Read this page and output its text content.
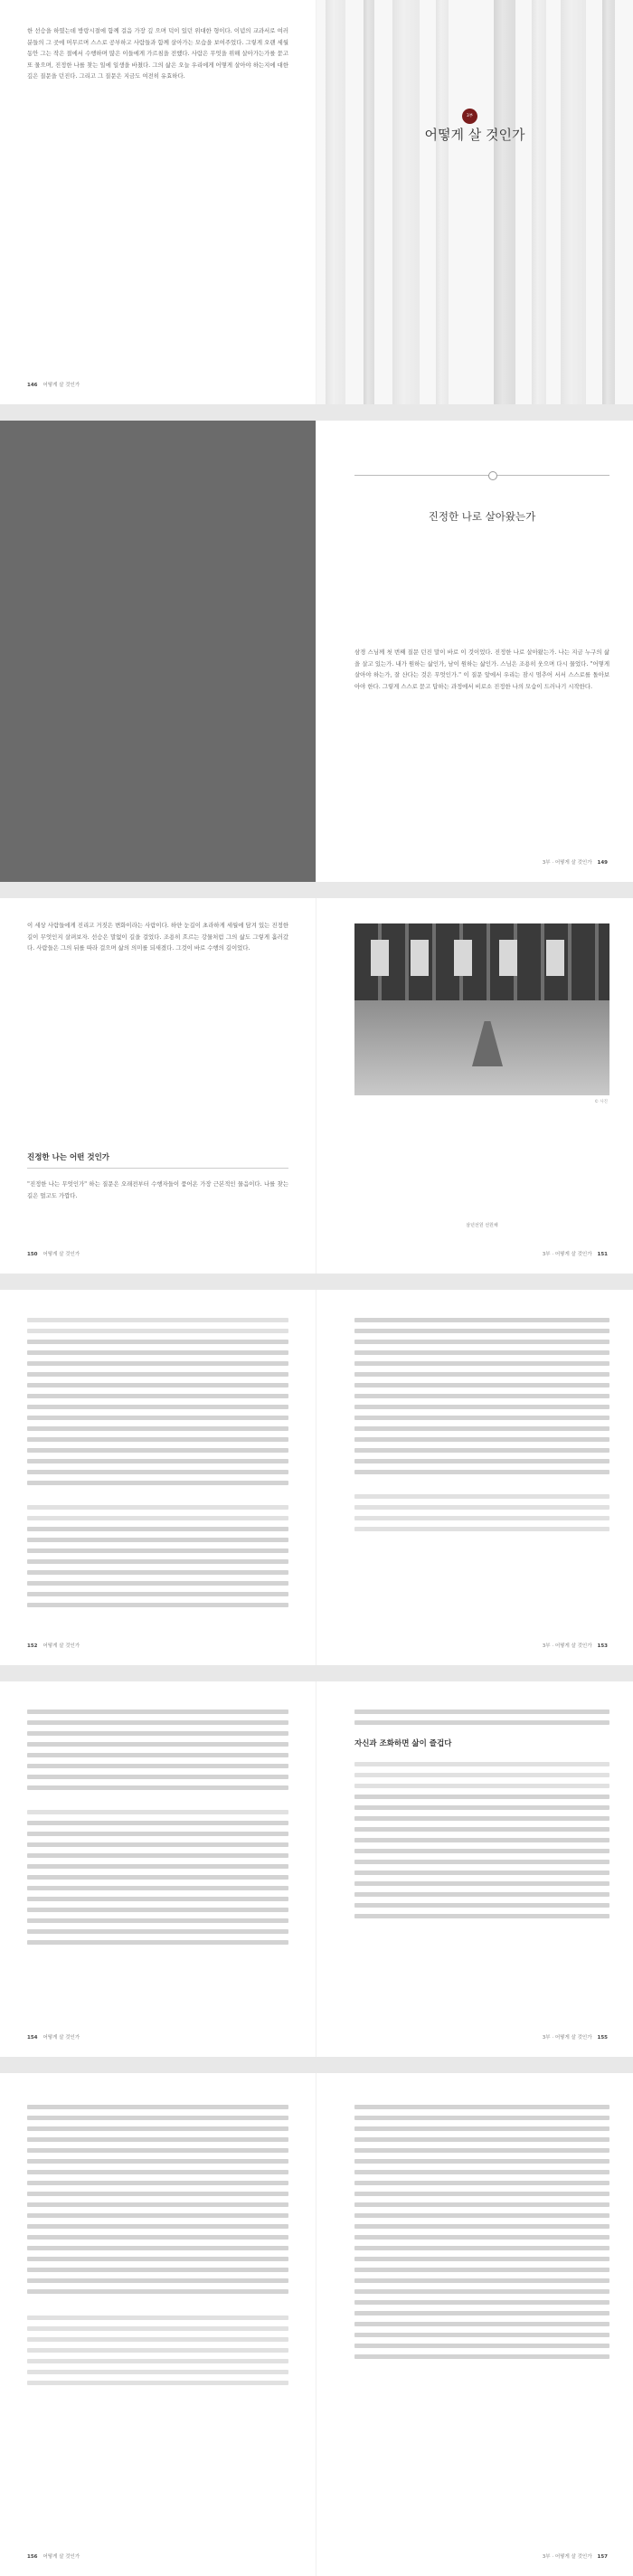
한 선승을 하였는데 방랑시절에 함께 걸음 가장 깊 으며 덕이 있던 위대한 형이다. 이념의 교과서로 여러 분들의 그 곳에 머무르며 스스로 공부하고 사람들과 함께 살아가는 모습을 보여주었다. 그렇게 오랜 세월 동안 그는 작은 절에서 수행하며 많은 이들에게 가르침을 전했다. 사람은 무엇을 위해 살아가는가를 묻고 또 물으며, 진정한 나를 찾는 일에 일생을 바쳤다. 그의 삶은 오늘 우리에게 어떻게 살아야 하는지에 대한 깊은 질문을 던진다. 그리고 그 질문은 지금도 여전히 유효하다.
146 어떻게 살 것인가
3부
어떻게 살 것인가
진정한 나로 살아왔는가
삼경 스님께 첫 번째 질문 던진 말이 바로 이 것이었다. 진정한 나로 살아왔는가. 나는 지금 누구의 삶을 살고 있는가. 내가 원하는 삶인가, 남이 원하는 삶인가. 스님은 조용히 웃으며 다시 물었다. "어떻게 살아야 하는가, 잘 산다는 것은 무엇인가." 이 질문 앞에서 우리는 잠시 멈추어 서서 스스로를 돌아보아야 한다. 그렇게 스스로 묻고 답하는 과정에서 비로소 진정한 나의 모습이 드러나기 시작한다.
3부 · 어떻게 살 것인가 149
이 세상 사람들에게 진리고 거짓은 변화이라는 사람이다. 하얀 눈길이 초라하게 세월에 담겨 있는 진정한 길이 무엇인지 살펴보자. 선승은 말없이 길을 걸었다. 조용히 흐르는 강물처럼 그의 삶도 그렇게 흘러갔다. 사람들은 그의 뒤를 따라 걸으며 삶의 의미를 되새겼다. 그것이 바로 수행의 길이었다.
진정한 나는 어떤 것인가
"진정한 나는 무엇인가" 하는 질문은 오래전부터 수행자들이 품어온 가장 근본적인 물음이다. 나를 찾는 길은 멀고도 가깝다.
150 어떻게 살 것인가
© 사진
삼년선원 선원채
3부 · 어떻게 살 것인가 151
152 어떻게 살 것인가	3부 · 어떻게 살 것인가 153
154 어떻게 살 것인가
자신과 조화하면 삶이 즐겁다
3부 · 어떻게 살 것인가 155
156 어떻게 살 것인가	3부 · 어떻게 살 것인가 157
